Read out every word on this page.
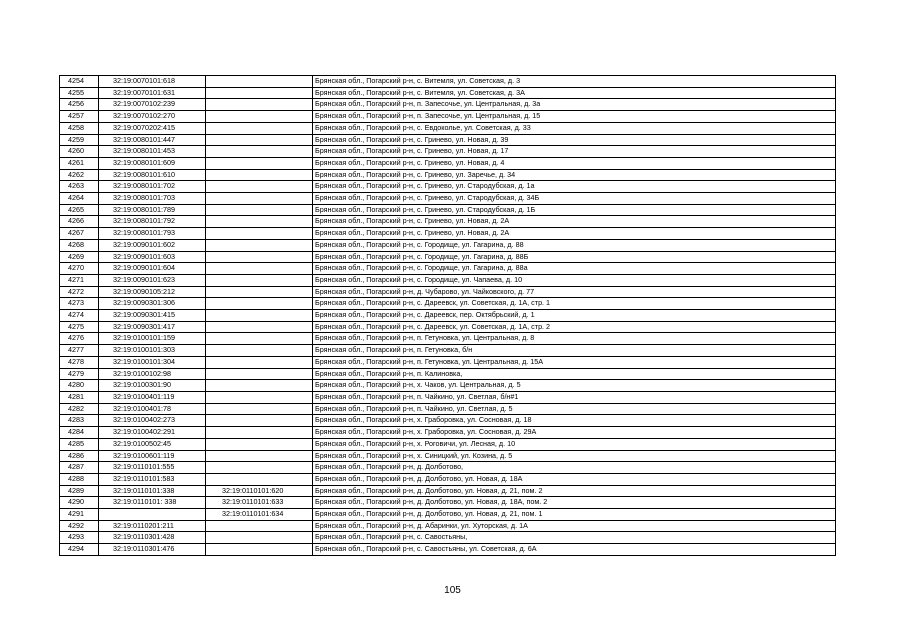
4254	32:19:0070101:618		Брянская обл., Погарский р-н, с. Витемля, ул. Советская, д. 3
4255	32:19:0070101:631		Брянская обл., Погарский р-н, с. Витемля, ул. Советская, д. 3А
4256	32:19:0070102:239		Брянская обл., Погарский р-н, п. Запесочье, ул. Центральная, д. 3а
4257	32:19:0070102:270		Брянская обл., Погарский р-н, п. Запесочье, ул. Центральная, д. 15
4258	32:19:0070202:415		Брянская обл., Погарский р-н, с. Евдоколье, ул. Советская, д. 33
4259	32:19:0080101:447		Брянская обл., Погарский р-н, с. Гринево, ул. Новая, д. 39
4260	32:19:0080101:453		Брянская обл., Погарский р-н, с. Гринево, ул. Новая, д. 17
4261	32:19:0080101:609		Брянская обл., Погарский р-н, с. Гринево, ул. Новая, д. 4
4262	32:19:0080101:610		Брянская обл., Погарский р-н, с. Гринево, ул. Заречье, д. 34
4263	32:19:0080101:702		Брянская обл., Погарский р-н, с. Гринево, ул. Стародубская, д. 1а
4264	32:19:0080101:703		Брянская обл., Погарский р-н, с. Гринево, ул. Стародубская, д. 34Б
4265	32:19:0080101:789		Брянская обл., Погарский р-н, с. Гринево, ул. Стародубская, д. 1Б
4266	32:19:0080101:792		Брянская обл., Погарский р-н, с. Гринево, ул. Новая, д. 2А
4267	32:19:0080101:793		Брянская обл., Погарский р-н, с. Гринево, ул. Новая, д. 2А
4268	32:19:0090101:602		Брянская обл., Погарский р-н, с. Городище, ул. Гагарина, д. 88
4269	32:19:0090101:603		Брянская обл., Погарский р-н, с. Городище, ул. Гагарина, д. 88Б
4270	32:19:0090101:604		Брянская обл., Погарский р-н, с. Городище, ул. Гагарина, д. 88а
4271	32:19:0090101:623		Брянская обл., Погарский р-н, с. Городище, ул. Чапаева, д. 10
4272	32:19:0090105:212		Брянская обл., Погарский р-н, д. Чубарово, ул. Чайковского, д. 77
4273	32:19:0090301:306		Брянская обл., Погарский р-н, с. Дареевск, ул. Советская, д. 1А, стр. 1
4274	32:19:0090301:415		Брянская обл., Погарский р-н, с. Дареевск, пер. Октябрьский, д. 1
4275	32:19:0090301:417		Брянская обл., Погарский р-н, с. Дареевск, ул. Советская, д. 1А, стр. 2
4276	32:19:0100101:159		Брянская обл., Погарский р-н, п. Гетуновка, ул. Центральная, д. 8
4277	32:19:0100101:303		Брянская обл., Погарский р-н, п. Гетуновка, б/н
4278	32:19:0100101:304		Брянская обл., Погарский р-н, п. Гетуновка, ул. Центральная, д. 15А
4279	32:19:0100102:98		Брянская обл., Погарский р-н, п. Калиновка,
4280	32:19:0100301:90		Брянская обл., Погарский р-н, х. Чаков, ул. Центральная, д. 5
4281	32:19:0100401:119		Брянская обл., Погарский р-н, п. Чайкино, ул. Светлая, б/н#1
4282	32:19:0100401:78		Брянская обл., Погарский р-н, п. Чайкино, ул. Светлая, д. 5
4283	32:19:0100402:273		Брянская обл., Погарский р-н, х. Граборовка, ул. Сосновая, д. 18
4284	32:19:0100402:291		Брянская обл., Погарский р-н, х. Граборовка, ул. Сосновая, д. 29А
4285	32:19:0100502:45		Брянская обл., Погарский р-н, х. Роговичи, ул. Лесная, д. 10
4286	32:19:0100601:119		Брянская обл., Погарский р-н, х. Синицкий, ул. Козина, д. 5
4287	32:19:0110101:555		Брянская обл., Погарский р-н, д. Долботово,
4288	32:19:0110101:583		Брянская обл., Погарский р-н, д. Долботово, ул. Новая, д. 18А
4289	32:19:0110101:338	32:19:0110101:620	Брянская обл., Погарский р-н, д. Долботово, ул. Новая, д. 21, пом. 2
4290	32:19:0110101: 338	32:19:0110101:633	Брянская обл., Погарский р-н, д. Долботово, ул. Новая, д. 18А, пом. 2
4291		32:19:0110101:634	Брянская обл., Погарский р-н, д. Долботово, ул. Новая, д. 21, пом. 1
4292	32:19:0110201:211		Брянская обл., Погарский р-н, д. Абаринки, ул. Хуторская, д. 1А
4293	32:19:0110301:428		Брянская обл., Погарский р-н, с. Савостьяны,
4294	32:19:0110301:476		Брянская обл., Погарский р-н, с. Савостьяны, ул. Советская, д. 6А
105
